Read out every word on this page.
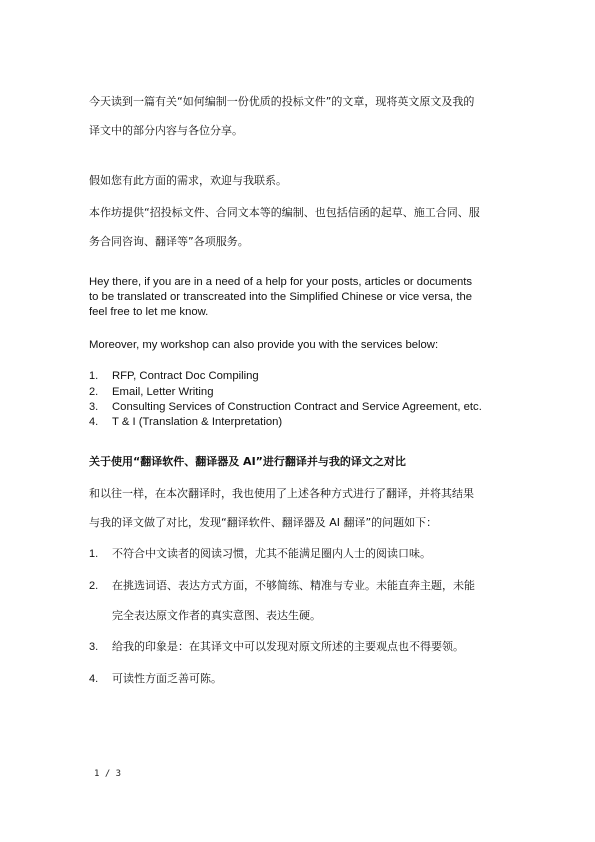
今天读到一篇有关“如何编制一份优质的投标文件”的文章，现将英文原文及我的
译文中的部分内容与各位分享。
假如您有此方面的需求，欢迎与我联系。
本作坊提供“招投标文件、合同文本等的编制、也包括信函的起草、施工合同、服
务合同咨询、翻译等”各项服务。
Hey there, if you are in a need of a help for your posts, articles or documents
to be translated or transcreated into the Simplified Chinese or vice versa, the
feel free to let me know.
Moreover, my workshop can also provide you with the services below:
1. RFP, Contract Doc Compiling
2. Email, Letter Writing
3. Consulting Services of Construction Contract and Service Agreement, etc.
4. T & I (Translation & Interpretation)
关于使用“翻译软件、翻译器及 AI”进行翻译并与我的译文之对比
和以往一样，在本次翻译时，我也使用了上述各种方式进行了翻译，并将其结果
与我的译文做了对比，发现“翻译软件、翻译器及 AI 翻译”的问题如下：
1. 不符合中文读者的阅读习惯，尤其不能满足圈内人士的阅读口味。
2. 在挑选词语、表达方式方面，不够简练、精准与专业。未能直奔主题，未能
完全表达原文作者的真实意图、表达生硬。
3. 给我的印象是：在其译文中可以发现对原文所述的主要观点也不得要领。
4. 可读性方面乏善可陈。
1 / 3
